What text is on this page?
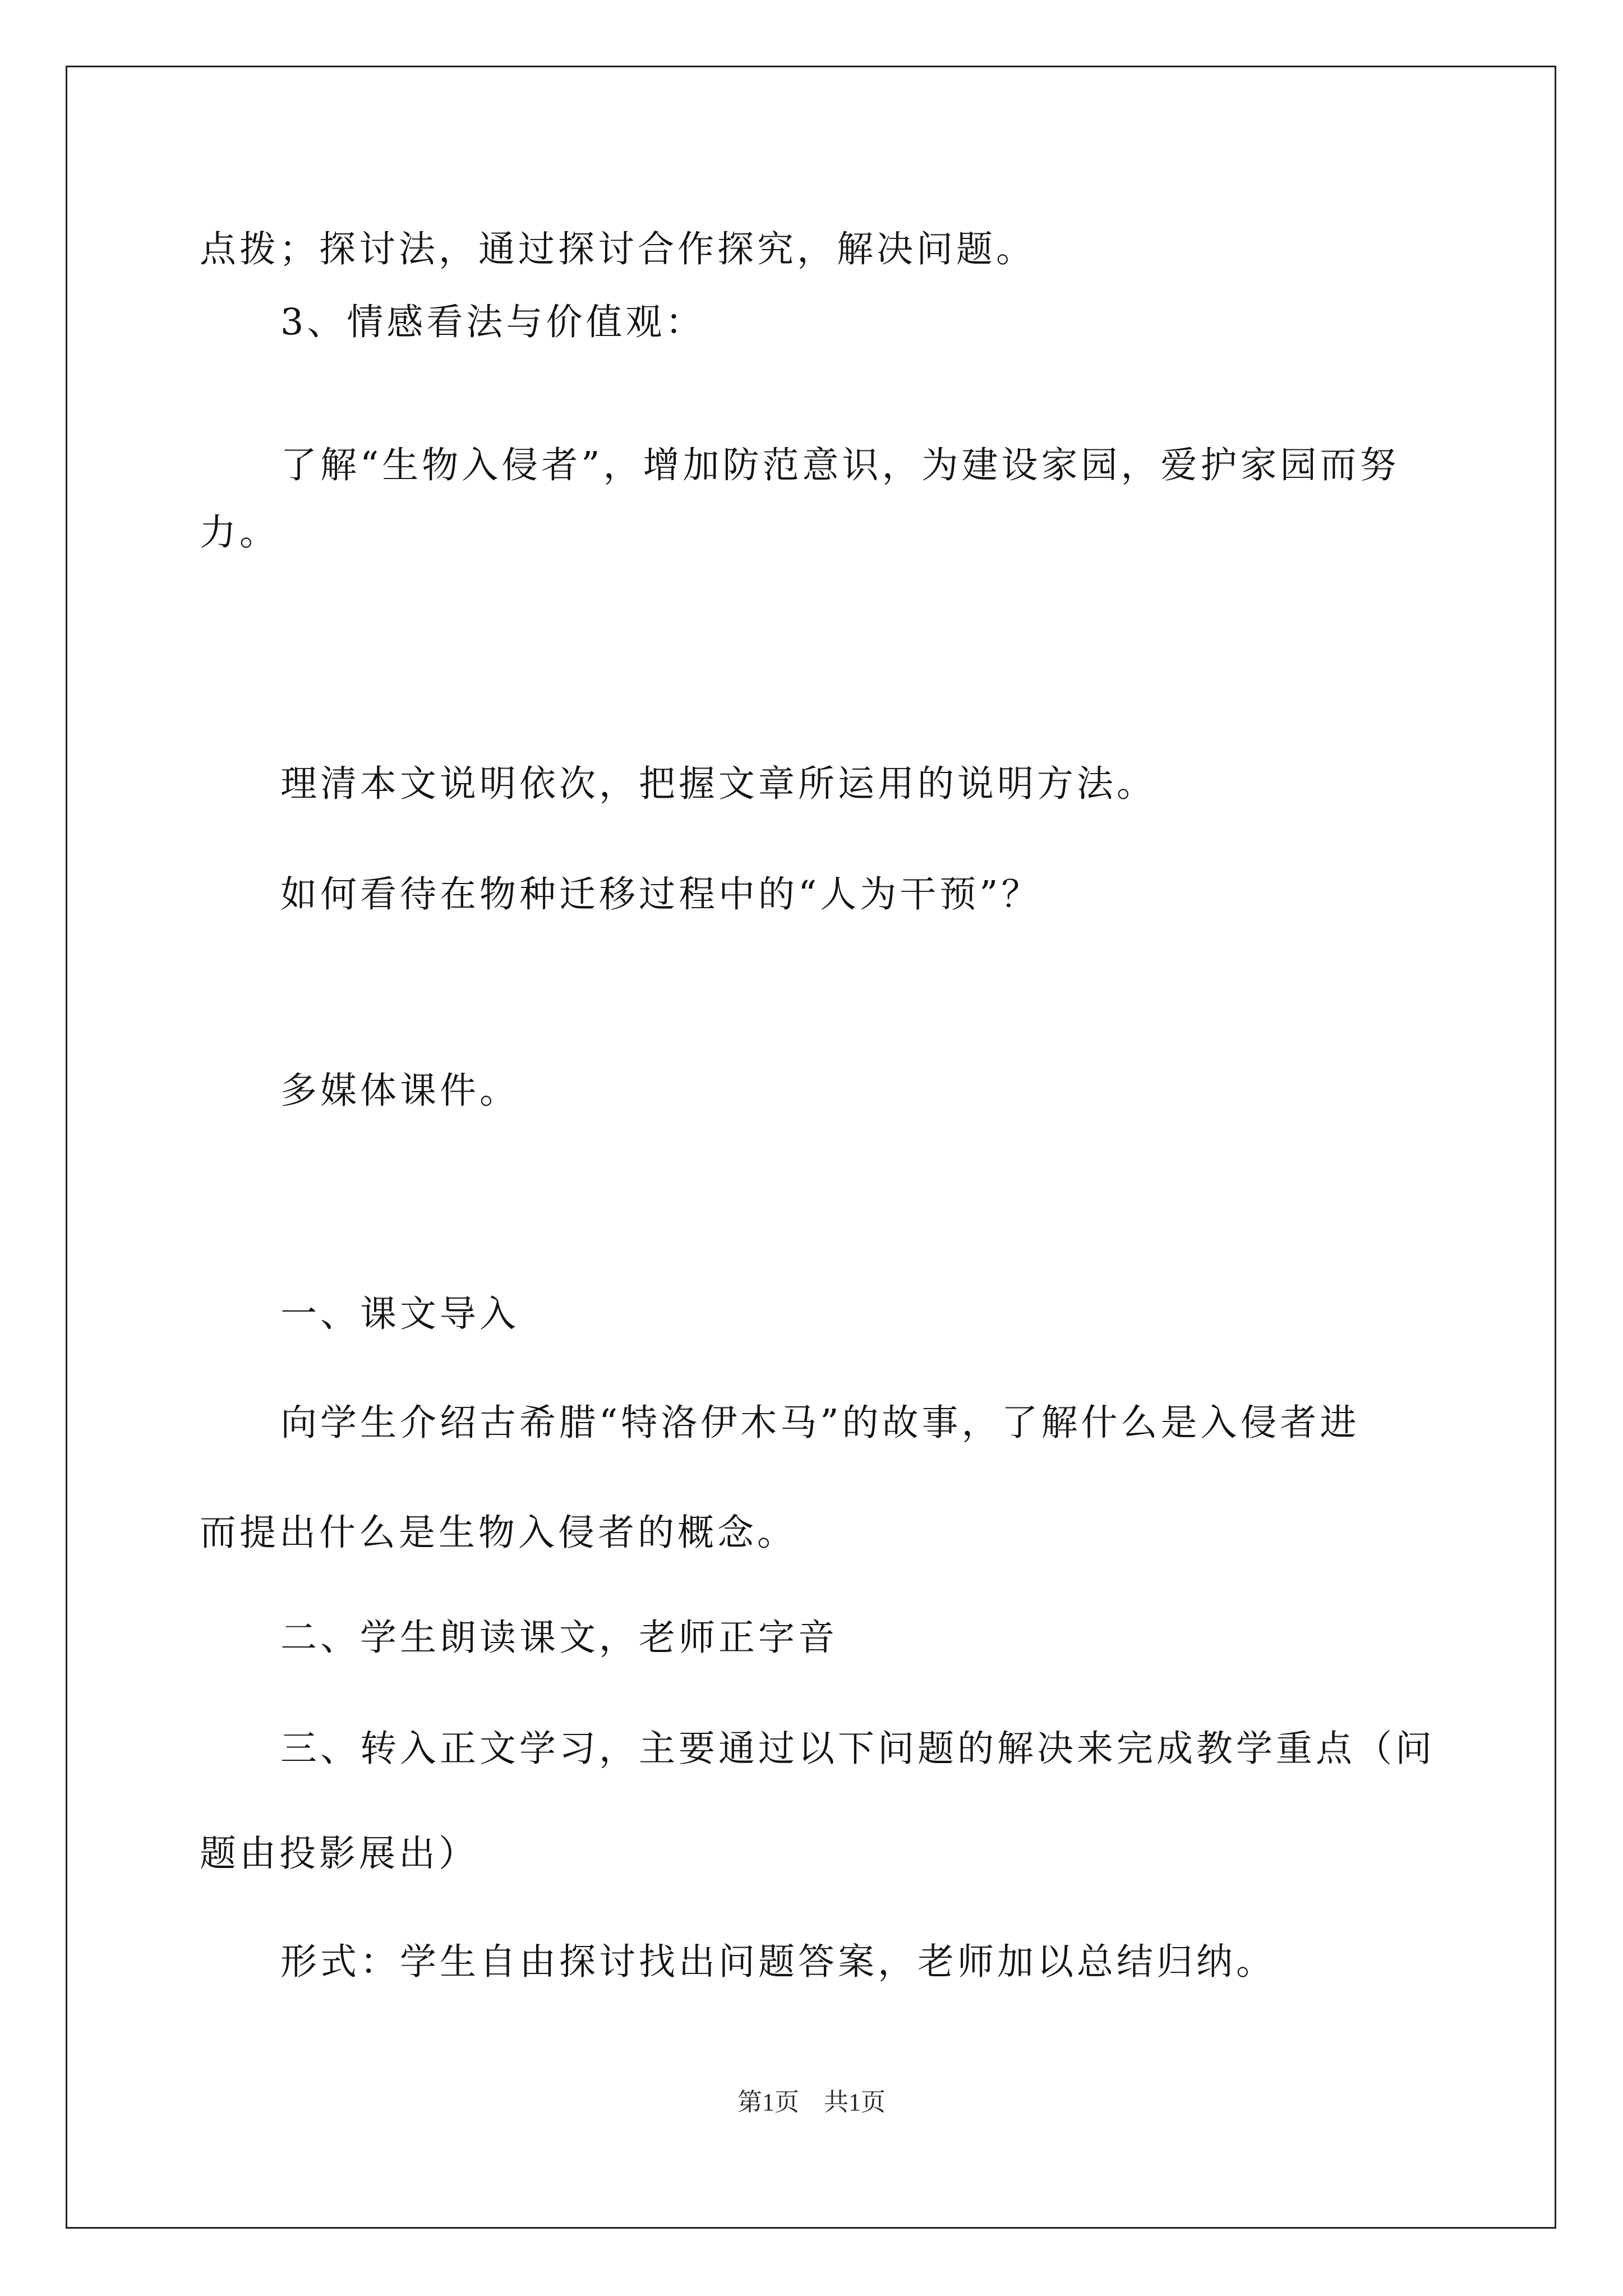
点拨；探讨法，通过探讨合作探究，解决问题。
3、情感看法与价值观：
了解“生物入侵者”，增加防范意识，为建设家园，爱护家园而努
力。
理清本文说明依次，把握文章所运用的说明方法。
如何看待在物种迁移过程中的“人为干预”？
多媒体课件。
一、课文导入
向学生介绍古希腊“特洛伊木马”的故事，了解什么是入侵者进
而提出什么是生物入侵者的概念。
二、学生朗读课文，老师正字音
三、转入正文学习，主要通过以下问题的解决来完成教学重点（问
题由投影展出）
形式：学生自由探讨找出问题答案，老师加以总结归纳。
第1页　共1页
